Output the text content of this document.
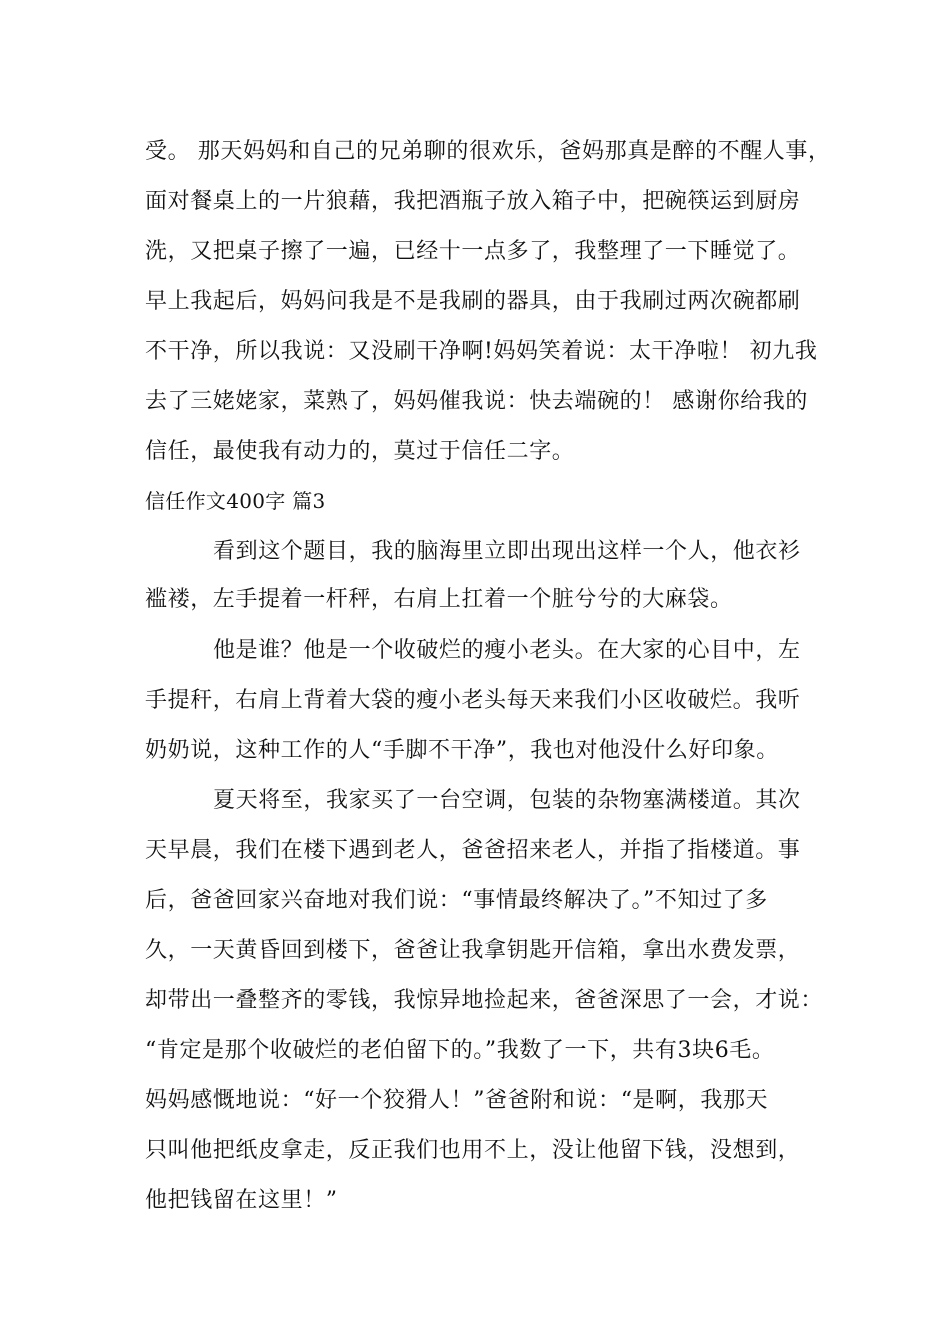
受。 那天妈妈和自己的兄弟聊的很欢乐，爸妈那真是醉的不醒人事，
面对餐桌上的一片狼藉，我把酒瓶子放入箱子中，把碗筷运到厨房
洗，又把桌子擦了一遍，已经十一点多了，我整理了一下睡觉了。
早上我起后，妈妈问我是不是我刷的器具，由于我刷过两次碗都刷
不干净，所以我说：又没刷干净啊!妈妈笑着说：太干净啦！ 初九我
去了三姥姥家，菜熟了，妈妈催我说：快去端碗的！ 感谢你给我的
信任，最使我有动力的，莫过于信任二字。
信任作文400字 篇3
看到这个题目，我的脑海里立即出现出这样一个人，他衣衫
褴褛，左手提着一杆秤，右肩上扛着一个脏兮兮的大麻袋。
他是谁？他是一个收破烂的瘦小老头。在大家的心目中，左
手提秆，右肩上背着大袋的瘦小老头每天来我们小区收破烂。我听
奶奶说，这种工作的人“手脚不干净”，我也对他没什么好印象。
夏天将至，我家买了一台空调，包装的杂物塞满楼道。其次
天早晨，我们在楼下遇到老人，爸爸招来老人，并指了指楼道。事
后，爸爸回家兴奋地对我们说：“事情最终解决了。”不知过了多
久，一天黄昏回到楼下，爸爸让我拿钥匙开信箱，拿出水费发票，
却带出一叠整齐的零钱，我惊异地捡起来，爸爸深思了一会，才说：
“肯定是那个收破烂的老伯留下的。”我数了一下，共有3块6毛。
妈妈感慨地说：“好一个狡猾人！”爸爸附和说：“是啊，我那天
只叫他把纸皮拿走，反正我们也用不上，没让他留下钱，没想到，
他把钱留在这里！”
